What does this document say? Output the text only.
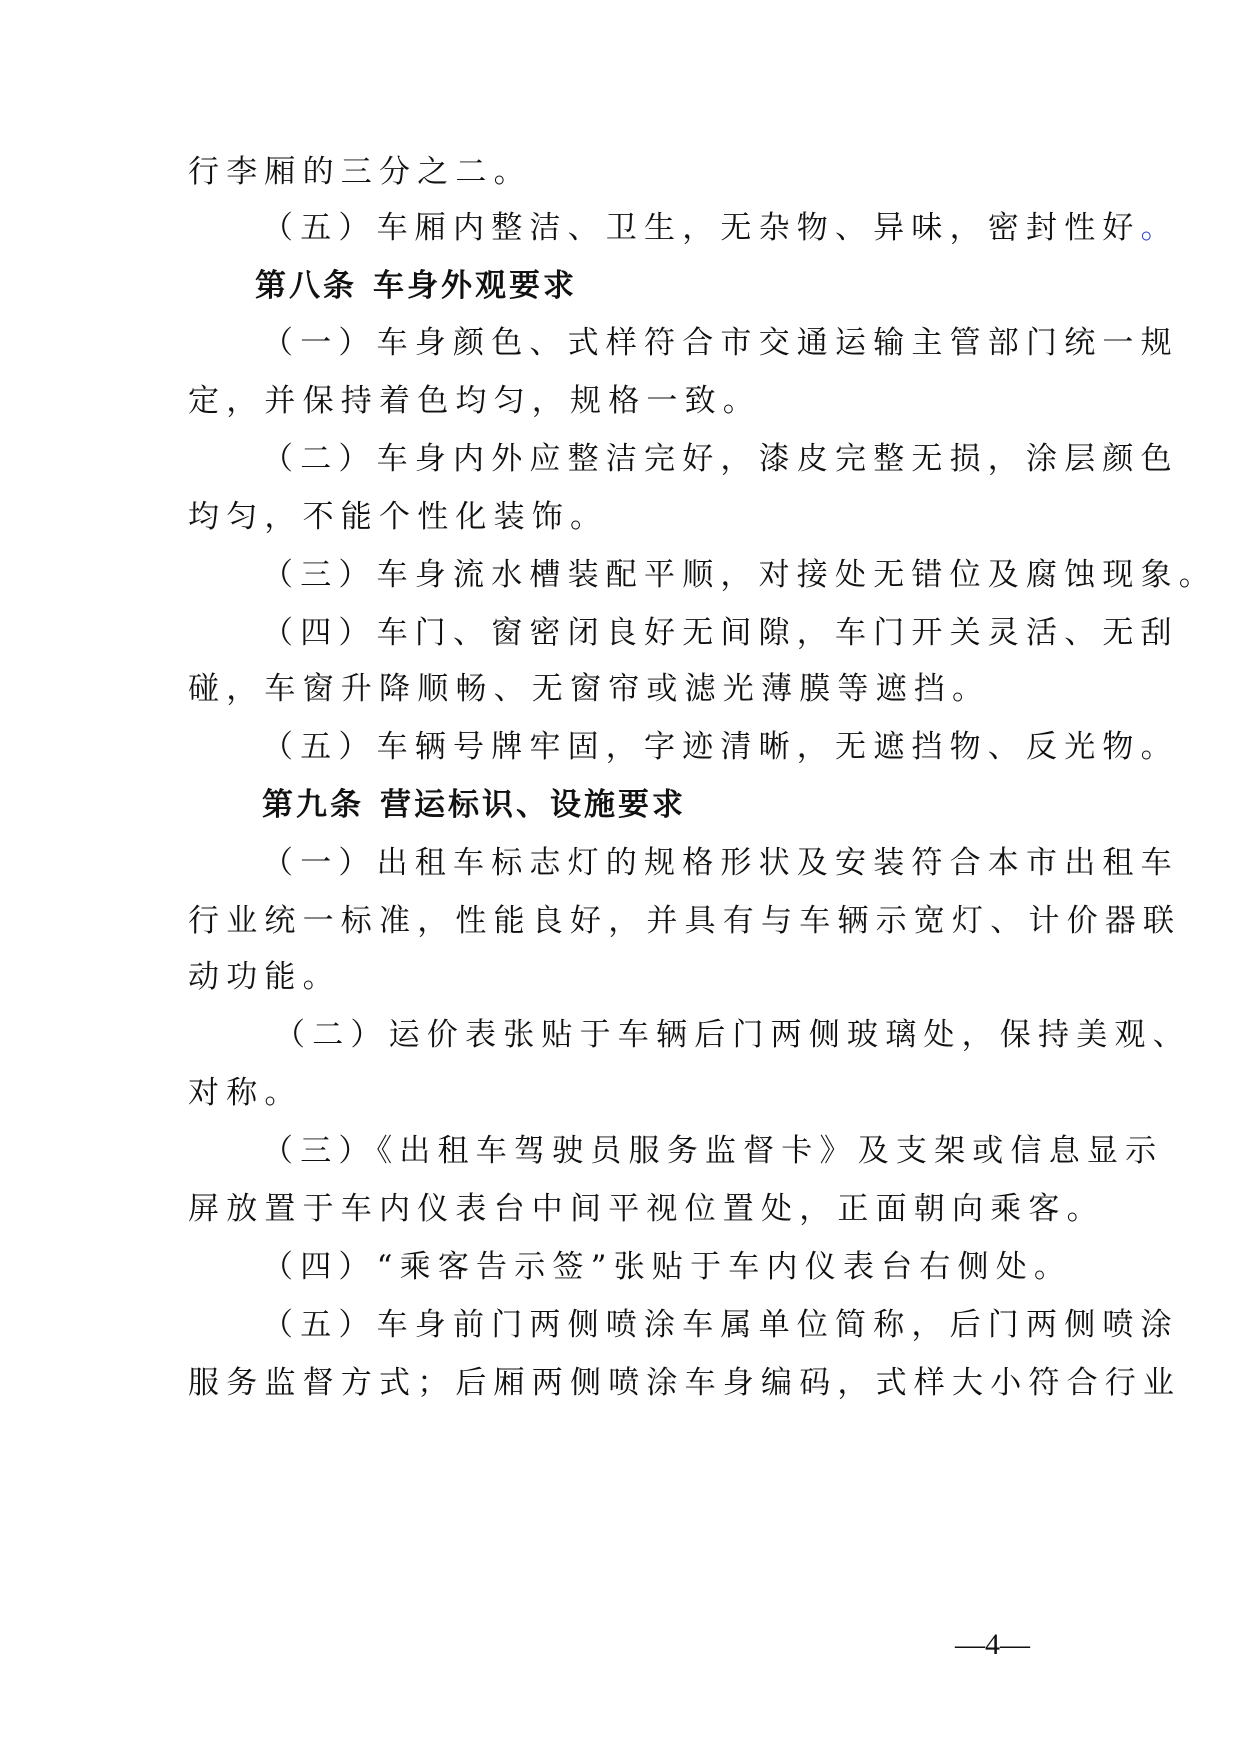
行李厢的三分之二。
（五）车厢内整洁、卫生，无杂物、异味，密封性好。
第八条 车身外观要求
（一）车身颜色、式样符合市交通运输主管部门统一规
定，并保持着色均匀，规格一致。
（二）车身内外应整洁完好，漆皮完整无损，涂层颜色
均匀，不能个性化装饰。
（三）车身流水槽装配平顺，对接处无错位及腐蚀现象。
（四）车门、窗密闭良好无间隙，车门开关灵活、无刮
碰，车窗升降顺畅、无窗帘或滤光薄膜等遮挡。
（五）车辆号牌牢固，字迹清晰，无遮挡物、反光物。
第九条 营运标识、设施要求
（一）出租车标志灯的规格形状及安装符合本市出租车
行业统一标准，性能良好，并具有与车辆示宽灯、计价器联
动功能。
（二）运价表张贴于车辆后门两侧玻璃处，保持美观、
对称。
（三）《出租车驾驶员服务监督卡》及支架或信息显示
屏放置于车内仪表台中间平视位置处，正面朝向乘客。
（四）“乘客告示签”张贴于车内仪表台右侧处。
（五）车身前门两侧喷涂车属单位简称，后门两侧喷涂
服务监督方式；后厢两侧喷涂车身编码，式样大小符合行业
—4—
